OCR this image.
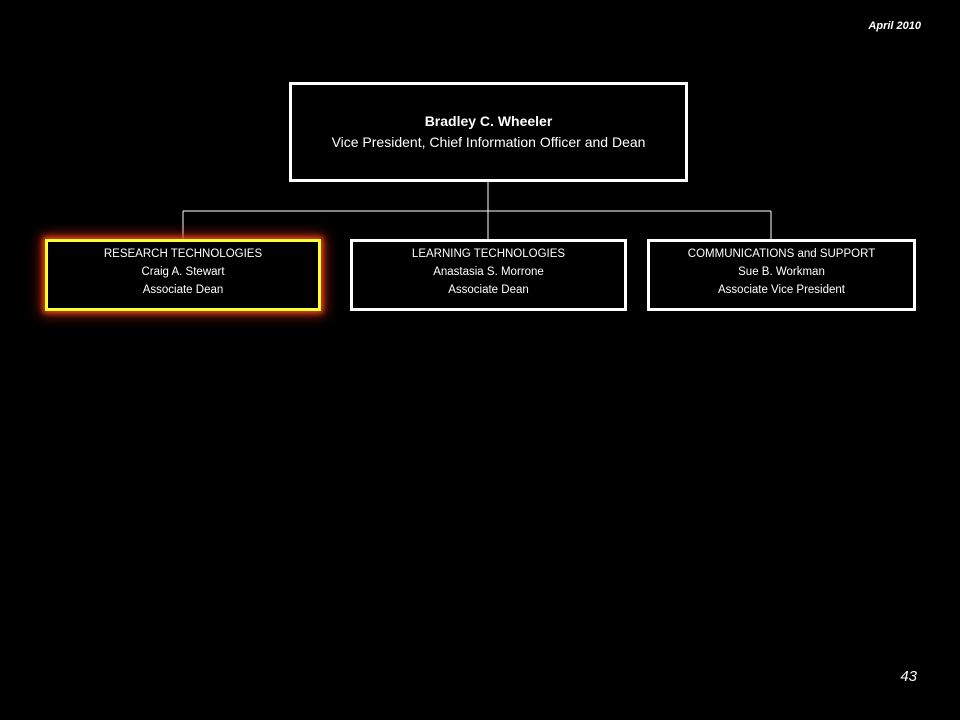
April 2010
Bradley C. Wheeler
Vice President, Chief Information Officer and Dean
RESEARCH TECHNOLOGIES
Craig A. Stewart
Associate Dean
LEARNING TECHNOLOGIES
Anastasia S. Morrone
Associate Dean
COMMUNICATIONS and SUPPORT
Sue B. Workman
Associate Vice President
43
